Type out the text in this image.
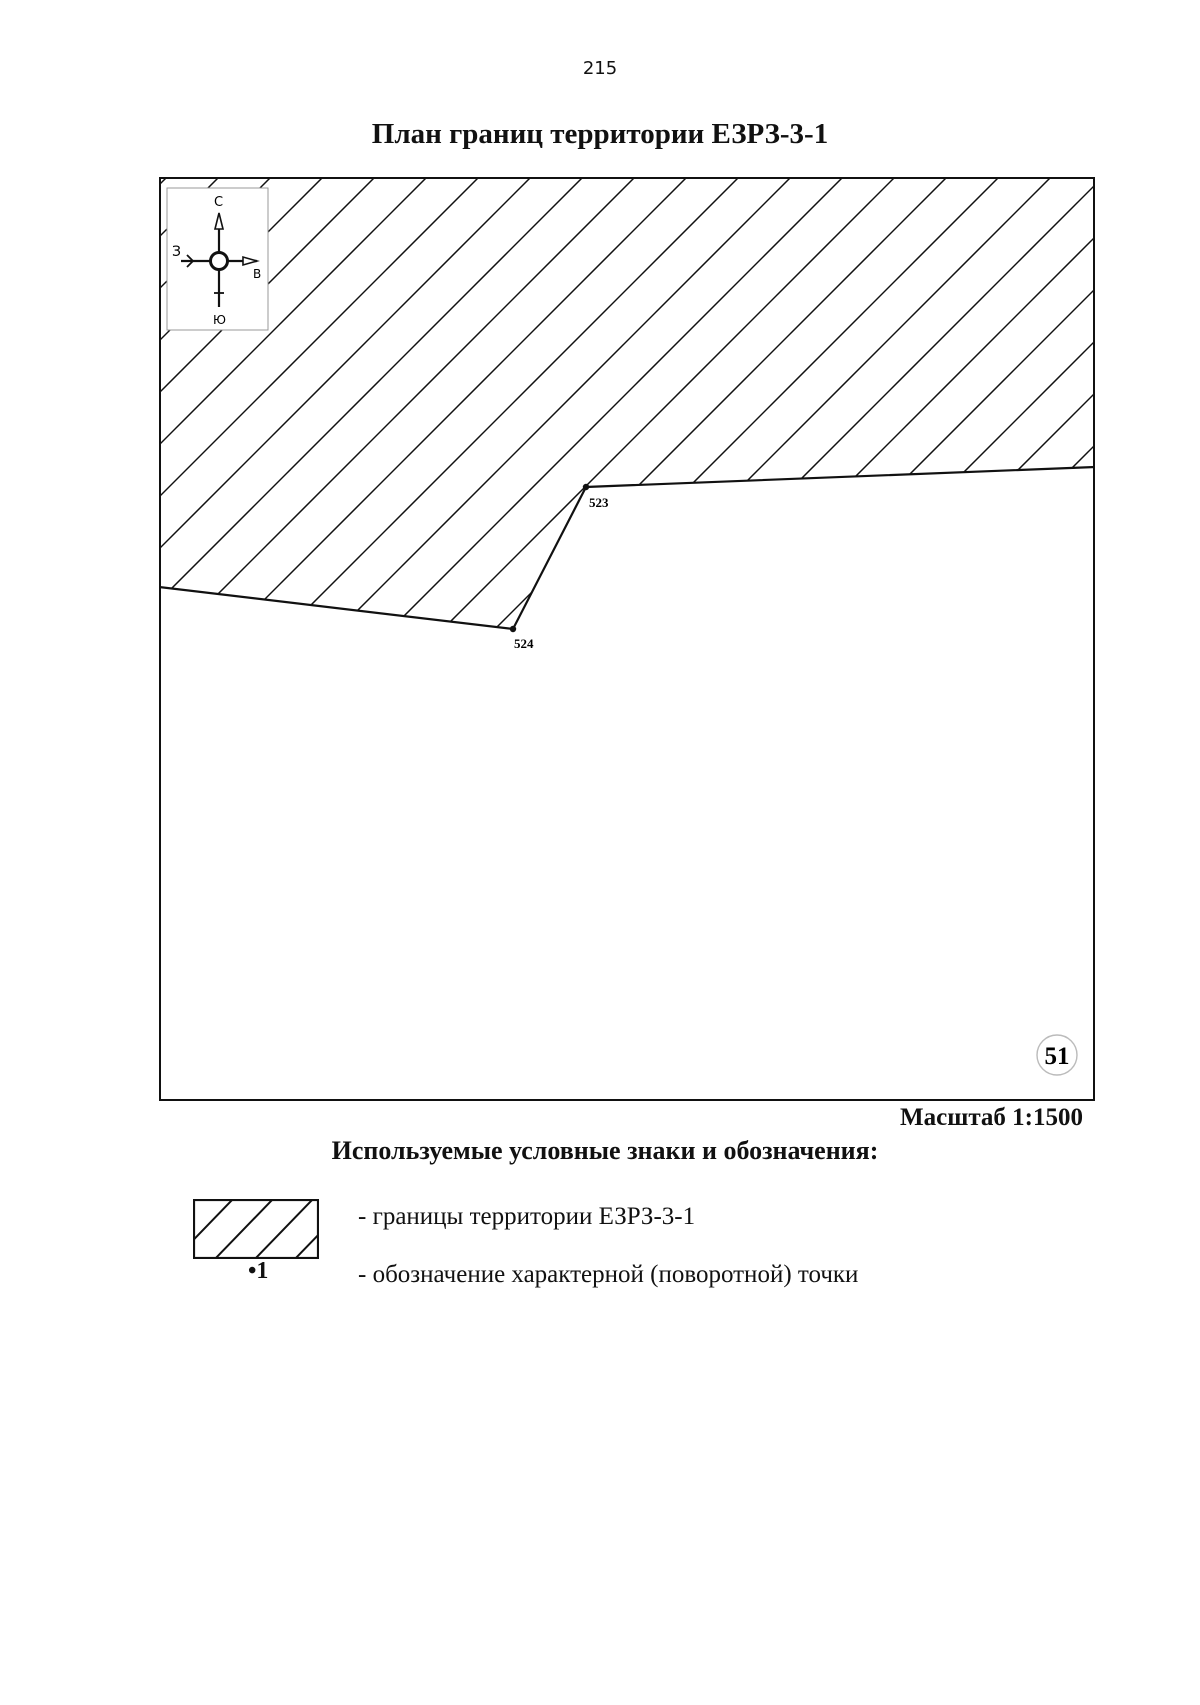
215
План границ территории ЕЗРЗ-3-1
С
З
В
Ю
523
524
51
Масштаб 1:1500
Используемые условные знаки и обозначения:
•1
- границы территории ЕЗРЗ-3-1
- обозначение характерной (поворотной) точки
